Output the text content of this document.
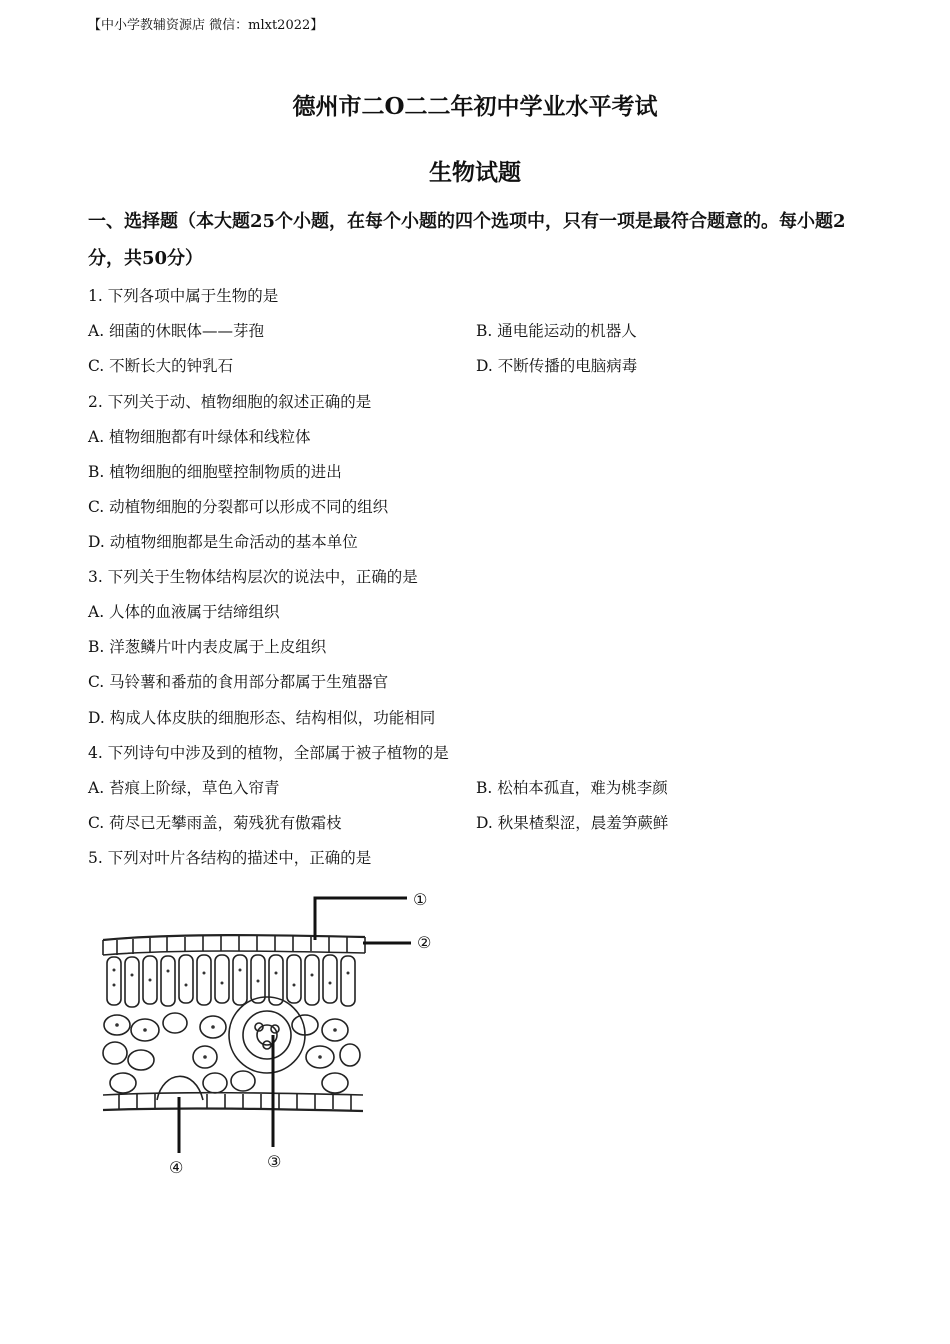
【中小学教辅资源店 微信：mlxt2022】
德州市二O二二年初中学业水平考试
生物试题
一、选择题（本大题25个小题，在每个小题的四个选项中，只有一项是最符合题意的。每小题2分，共50分）
1. 下列各项中属于生物的是
A. 细菌的休眠体——芽孢	B. 通电能运动的机器人
C. 不断长大的钟乳石	D. 不断传播的电脑病毒
2. 下列关于动、植物细胞的叙述正确的是
A. 植物细胞都有叶绿体和线粒体
B. 植物细胞的细胞壁控制物质的进出
C. 动植物细胞的分裂都可以形成不同的组织
D. 动植物细胞都是生命活动的基本单位
3. 下列关于生物体结构层次的说法中，正确的是
A. 人体的血液属于结缔组织
B. 洋葱鳞片叶内表皮属于上皮组织
C. 马铃薯和番茄的食用部分都属于生殖器官
D. 构成人体皮肤的细胞形态、结构相似，功能相同
4. 下列诗句中涉及到的植物，全部属于被子植物的是
A. 苔痕上阶绿，草色入帘青	B. 松柏本孤直，难为桃李颜
C. 荷尽已无攀雨盖，菊残犹有傲霜枝	D. 秋果楂梨涩，晨羞笋蕨鲜
5. 下列对叶片各结构的描述中，正确的是
①
②
③
④
